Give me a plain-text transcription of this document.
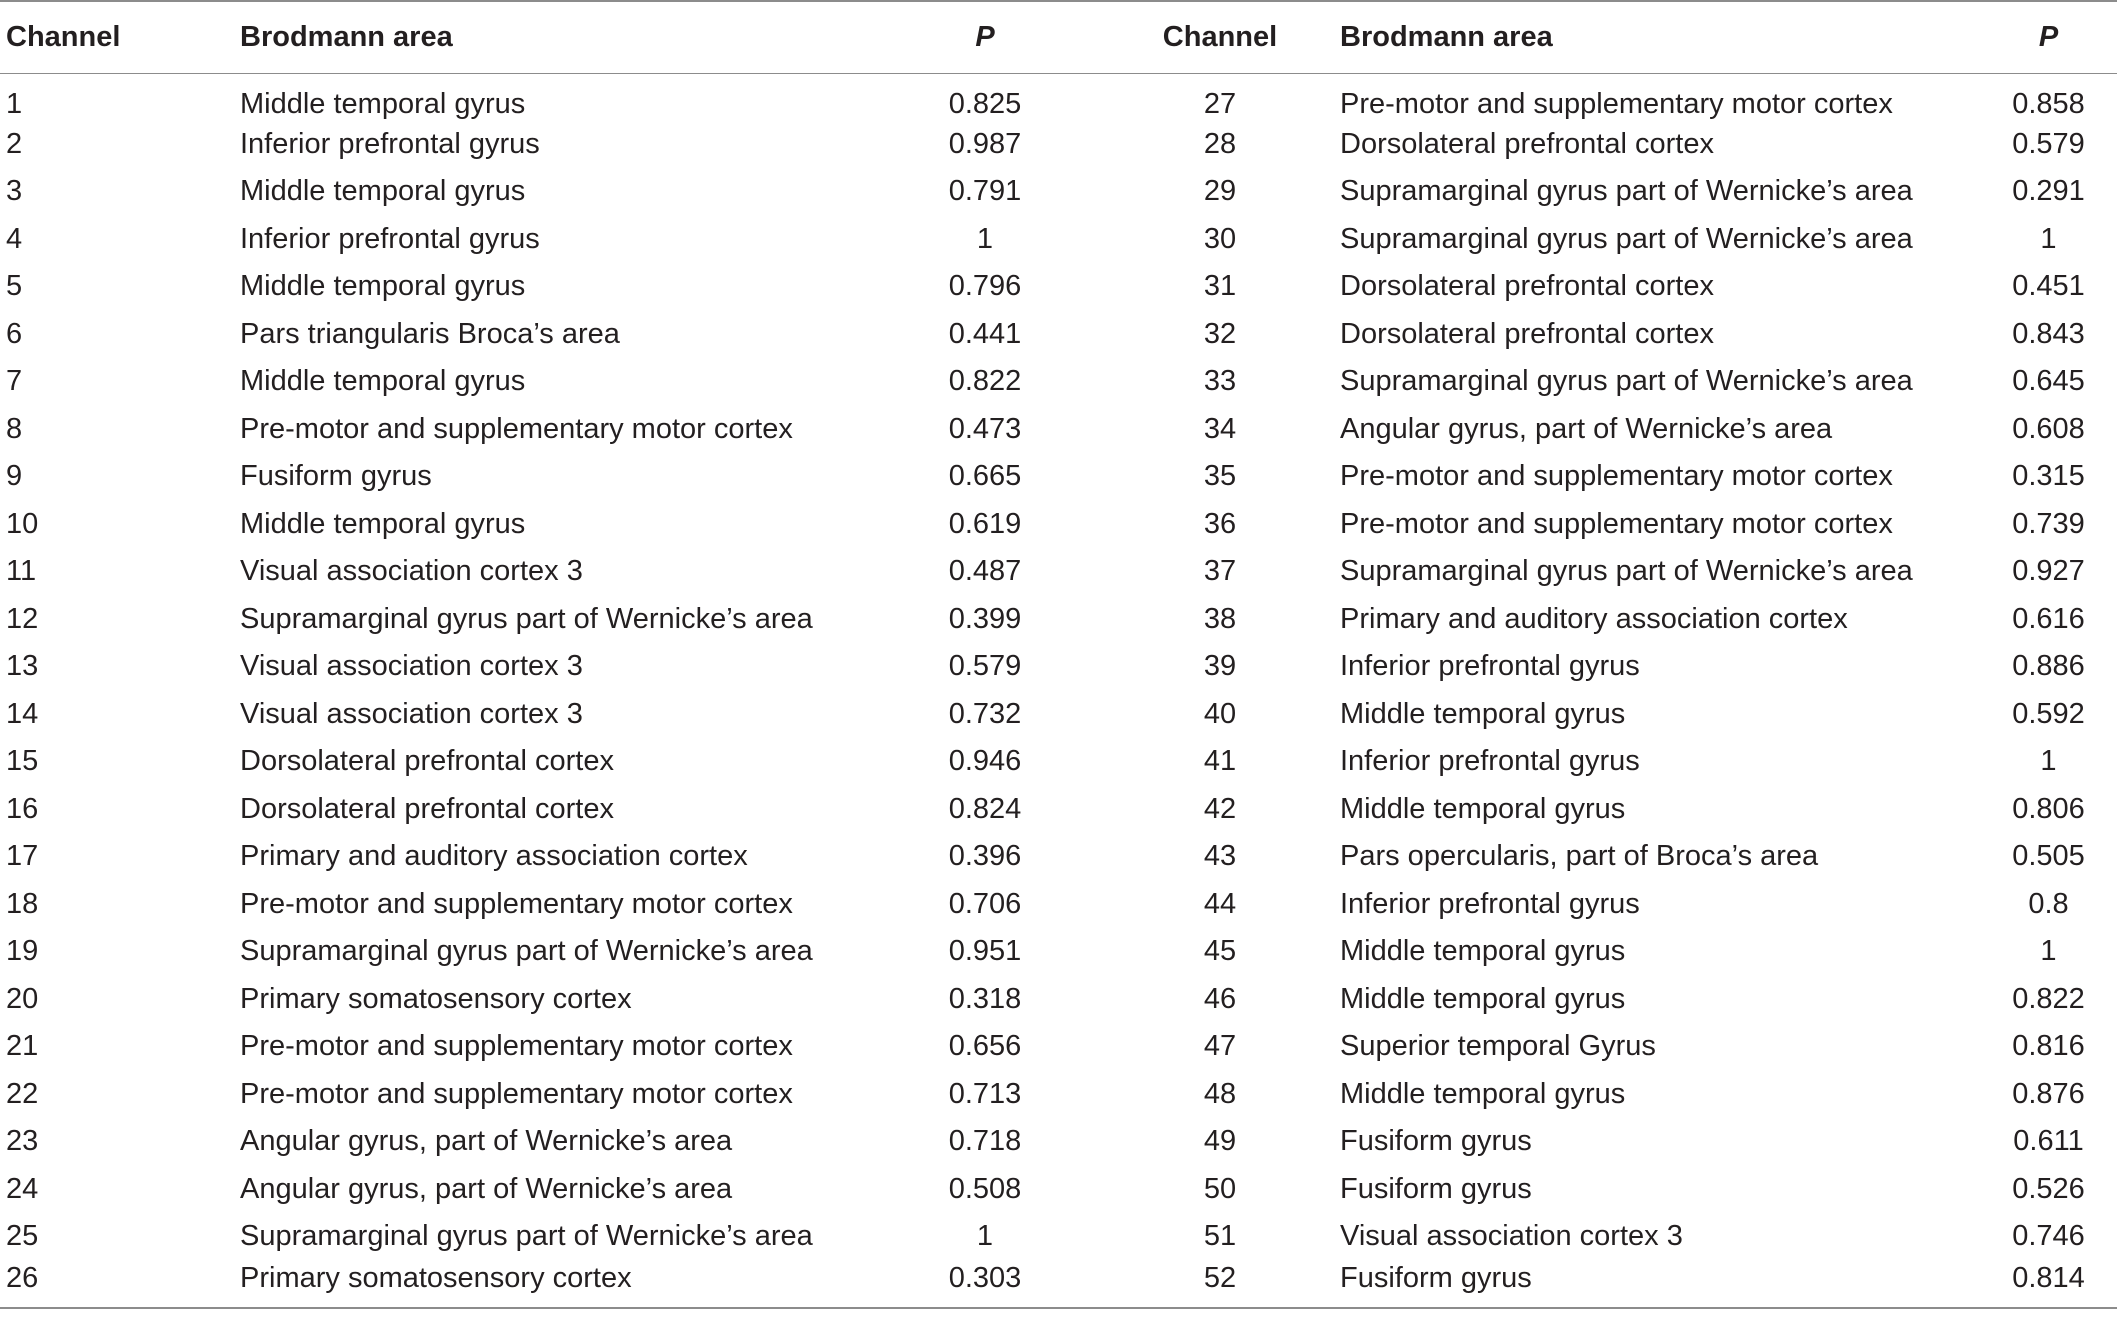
Channel	Brodmann area	P	Channel	Brodmann area	P
1	Middle temporal gyrus	0.825	27	Pre-motor and supplementary motor cortex	0.858
2	Inferior prefrontal gyrus	0.987	28	Dorsolateral prefrontal cortex	0.579
3	Middle temporal gyrus	0.791	29	Supramarginal gyrus part of Wernicke’s area	0.291
4	Inferior prefrontal gyrus	1	30	Supramarginal gyrus part of Wernicke’s area	1
5	Middle temporal gyrus	0.796	31	Dorsolateral prefrontal cortex	0.451
6	Pars triangularis Broca’s area	0.441	32	Dorsolateral prefrontal cortex	0.843
7	Middle temporal gyrus	0.822	33	Supramarginal gyrus part of Wernicke’s area	0.645
8	Pre-motor and supplementary motor cortex	0.473	34	Angular gyrus, part of Wernicke’s area	0.608
9	Fusiform gyrus	0.665	35	Pre-motor and supplementary motor cortex	0.315
10	Middle temporal gyrus	0.619	36	Pre-motor and supplementary motor cortex	0.739
11	Visual association cortex 3	0.487	37	Supramarginal gyrus part of Wernicke’s area	0.927
12	Supramarginal gyrus part of Wernicke’s area	0.399	38	Primary and auditory association cortex	0.616
13	Visual association cortex 3	0.579	39	Inferior prefrontal gyrus	0.886
14	Visual association cortex 3	0.732	40	Middle temporal gyrus	0.592
15	Dorsolateral prefrontal cortex	0.946	41	Inferior prefrontal gyrus	1
16	Dorsolateral prefrontal cortex	0.824	42	Middle temporal gyrus	0.806
17	Primary and auditory association cortex	0.396	43	Pars opercularis, part of Broca’s area	0.505
18	Pre-motor and supplementary motor cortex	0.706	44	Inferior prefrontal gyrus	0.8
19	Supramarginal gyrus part of Wernicke’s area	0.951	45	Middle temporal gyrus	1
20	Primary somatosensory cortex	0.318	46	Middle temporal gyrus	0.822
21	Pre-motor and supplementary motor cortex	0.656	47	Superior temporal Gyrus	0.816
22	Pre-motor and supplementary motor cortex	0.713	48	Middle temporal gyrus	0.876
23	Angular gyrus, part of Wernicke’s area	0.718	49	Fusiform gyrus	0.611
24	Angular gyrus, part of Wernicke’s area	0.508	50	Fusiform gyrus	0.526
25	Supramarginal gyrus part of Wernicke’s area	1	51	Visual association cortex 3	0.746
26	Primary somatosensory cortex	0.303	52	Fusiform gyrus	0.814
